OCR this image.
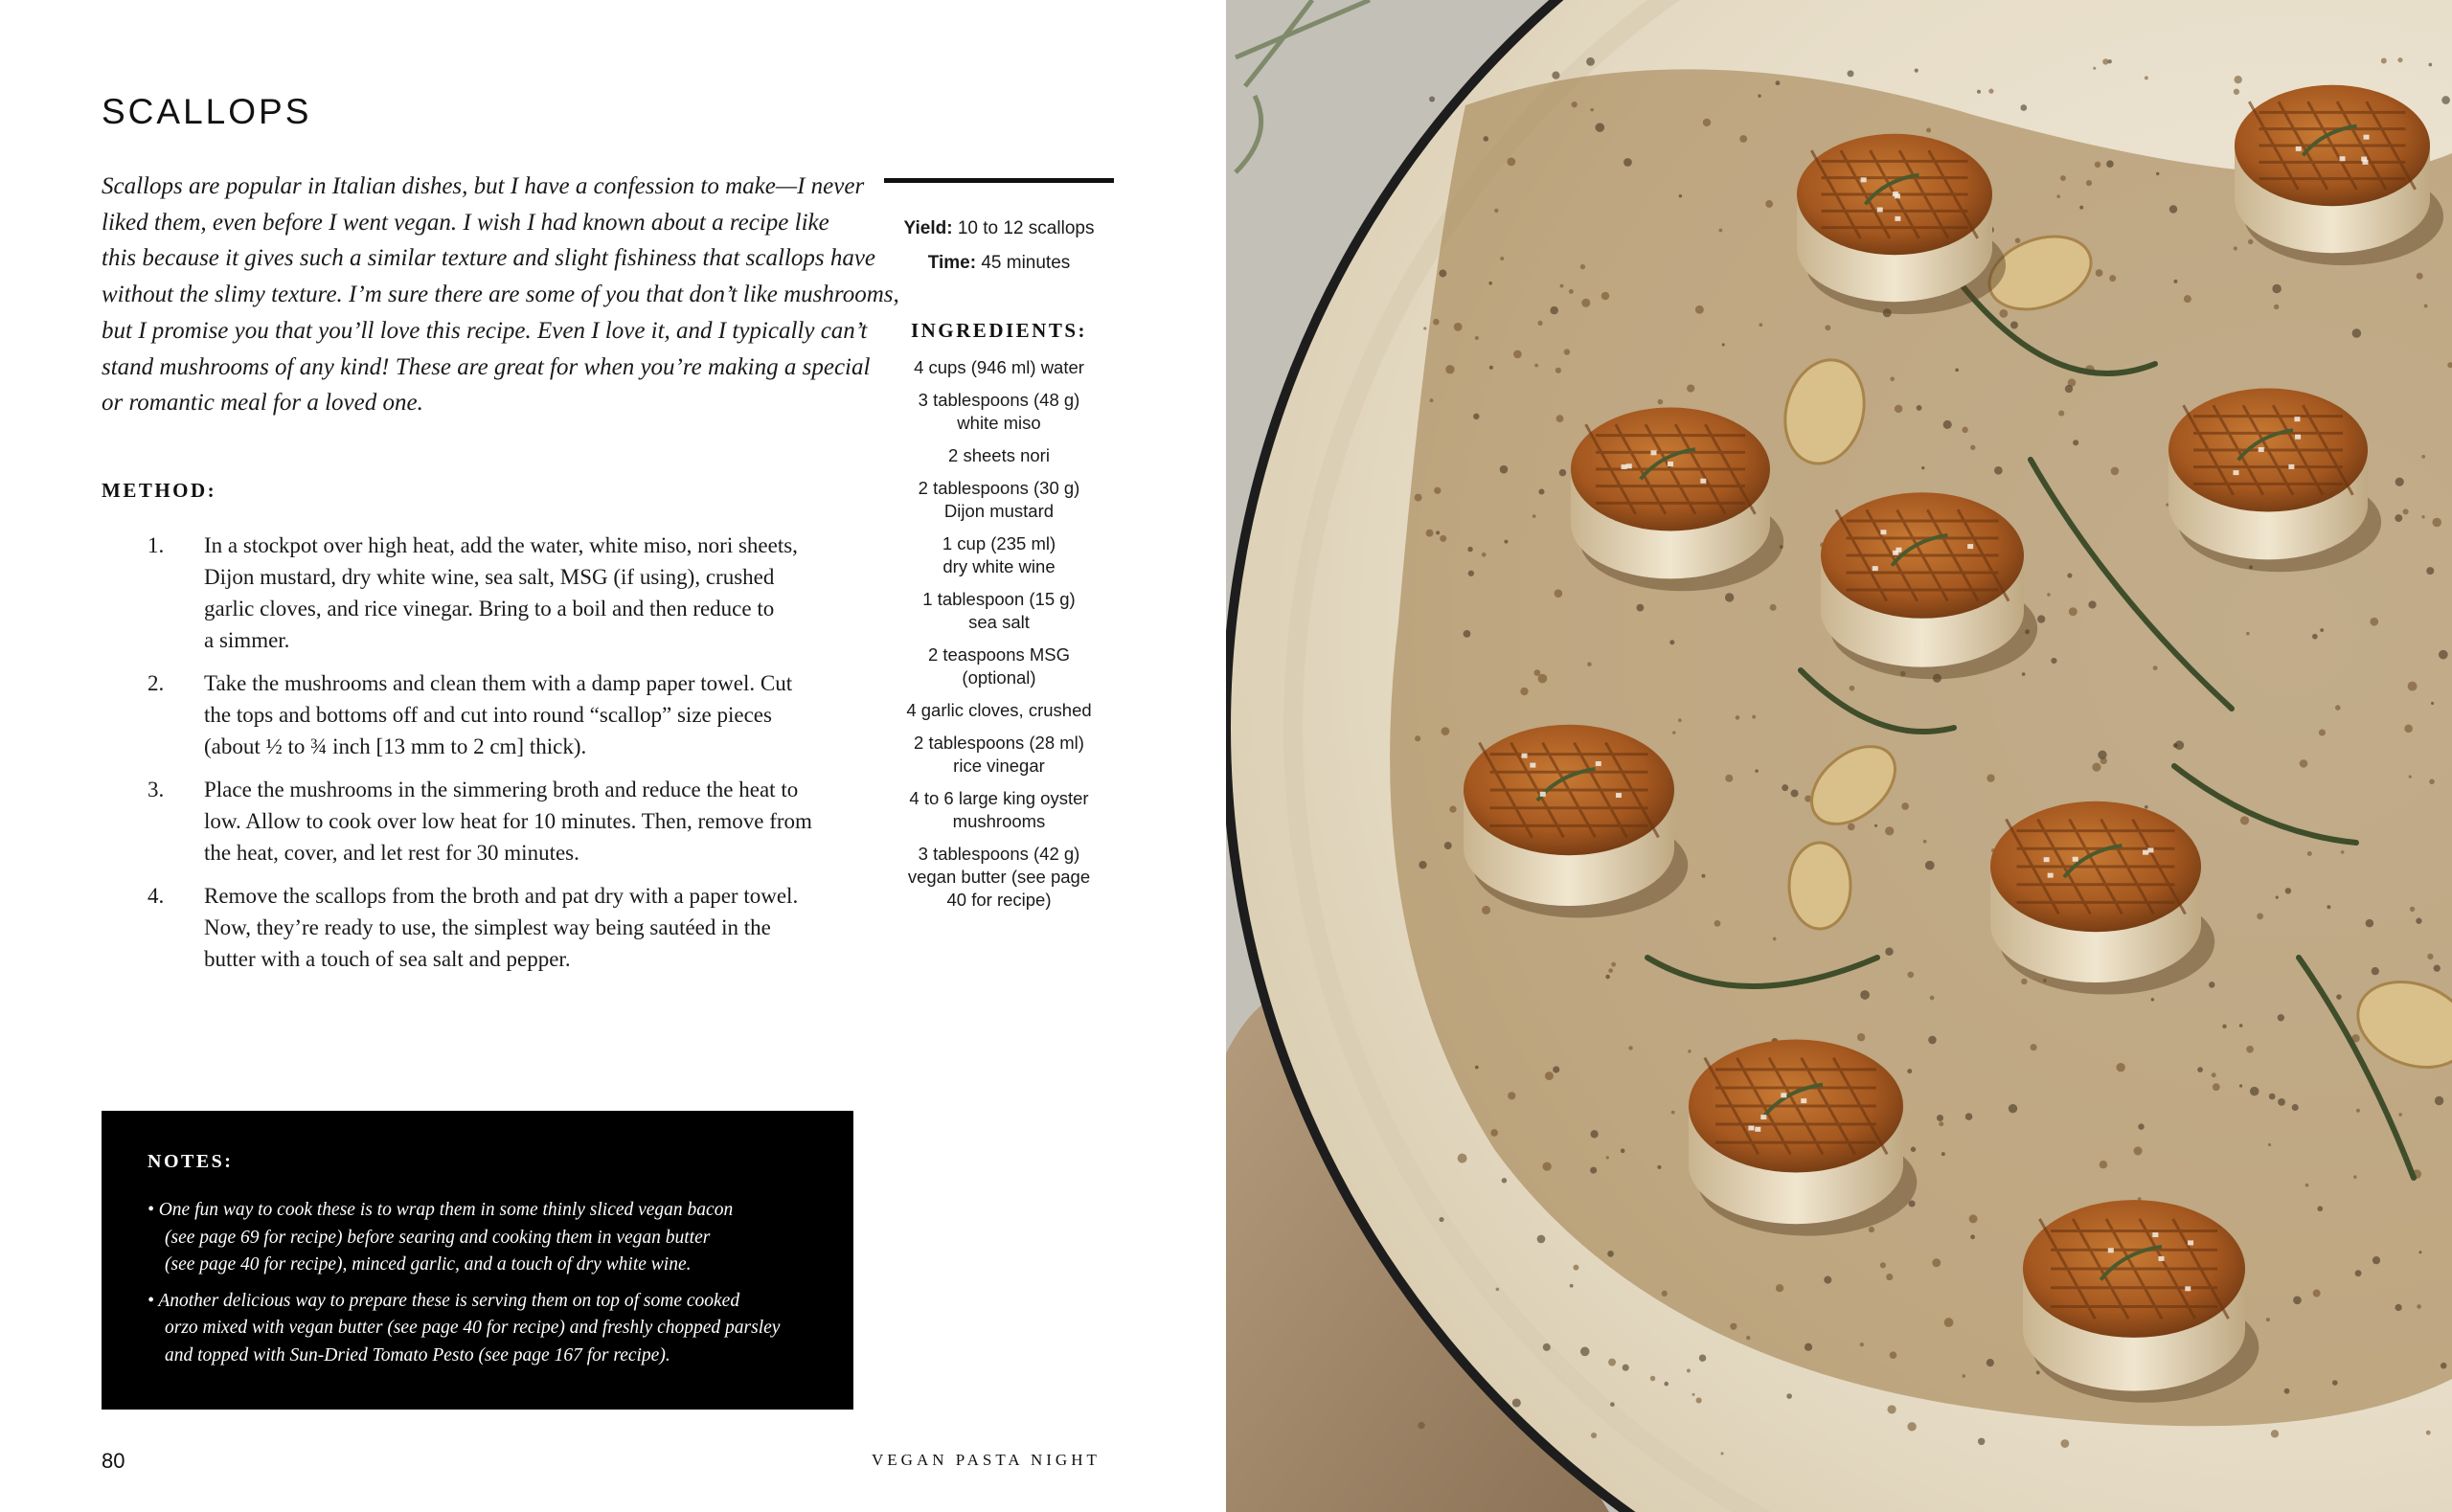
SCALLOPS
Scallops are popular in Italian dishes, but I have a confession to make—I never
liked them, even before I went vegan. I wish I had known about a recipe like
this because it gives such a similar texture and slight fishiness that scallops have
without the slimy texture. I’m sure there are some of you that don’t like mushrooms,
but I promise you that you’ll love this recipe. Even I love it, and I typically can’t
stand mushrooms of any kind! These are great for when you’re making a special
or romantic meal for a loved one.
METHOD:
1. In a stockpot over high heat, add the water, white miso, nori sheets,
Dijon mustard, dry white wine, sea salt, MSG (if using), crushed
garlic cloves, and rice vinegar. Bring to a boil and then reduce to
a simmer.
2. Take the mushrooms and clean them with a damp paper towel. Cut
the tops and bottoms off and cut into round “scallop” size pieces
(about ½ to ¾ inch [13 mm to 2 cm] thick).
3. Place the mushrooms in the simmering broth and reduce the heat to
low. Allow to cook over low heat for 10 minutes. Then, remove from
the heat, cover, and let rest for 30 minutes.
4. Remove the scallops from the broth and pat dry with a paper towel.
Now, they’re ready to use, the simplest way being sautéed in the
butter with a touch of sea salt and pepper.
NOTES:
• One fun way to cook these is to wrap them in some thinly sliced vegan bacon
(see page 69 for recipe) before searing and cooking them in vegan butter
(see page 40 for recipe), minced garlic, and a touch of dry white wine.
• Another delicious way to prepare these is serving them on top of some cooked
orzo mixed with vegan butter (see page 40 for recipe) and freshly chopped parsley
and topped with Sun-Dried Tomato Pesto (see page 167 for recipe).
Yield: 10 to 12 scallops
Time: 45 minutes
INGREDIENTS:
4 cups (946 ml) water
3 tablespoons (48 g)
white miso
2 sheets nori
2 tablespoons (30 g)
Dijon mustard
1 cup (235 ml)
dry white wine
1 tablespoon (15 g)
sea salt
2 teaspoons MSG
(optional)
4 garlic cloves, crushed
2 tablespoons (28 ml)
rice vinegar
4 to 6 large king oyster
mushrooms
3 tablespoons (42 g)
vegan butter (see page
40 for recipe)
80	VEGAN PASTA NIGHT
